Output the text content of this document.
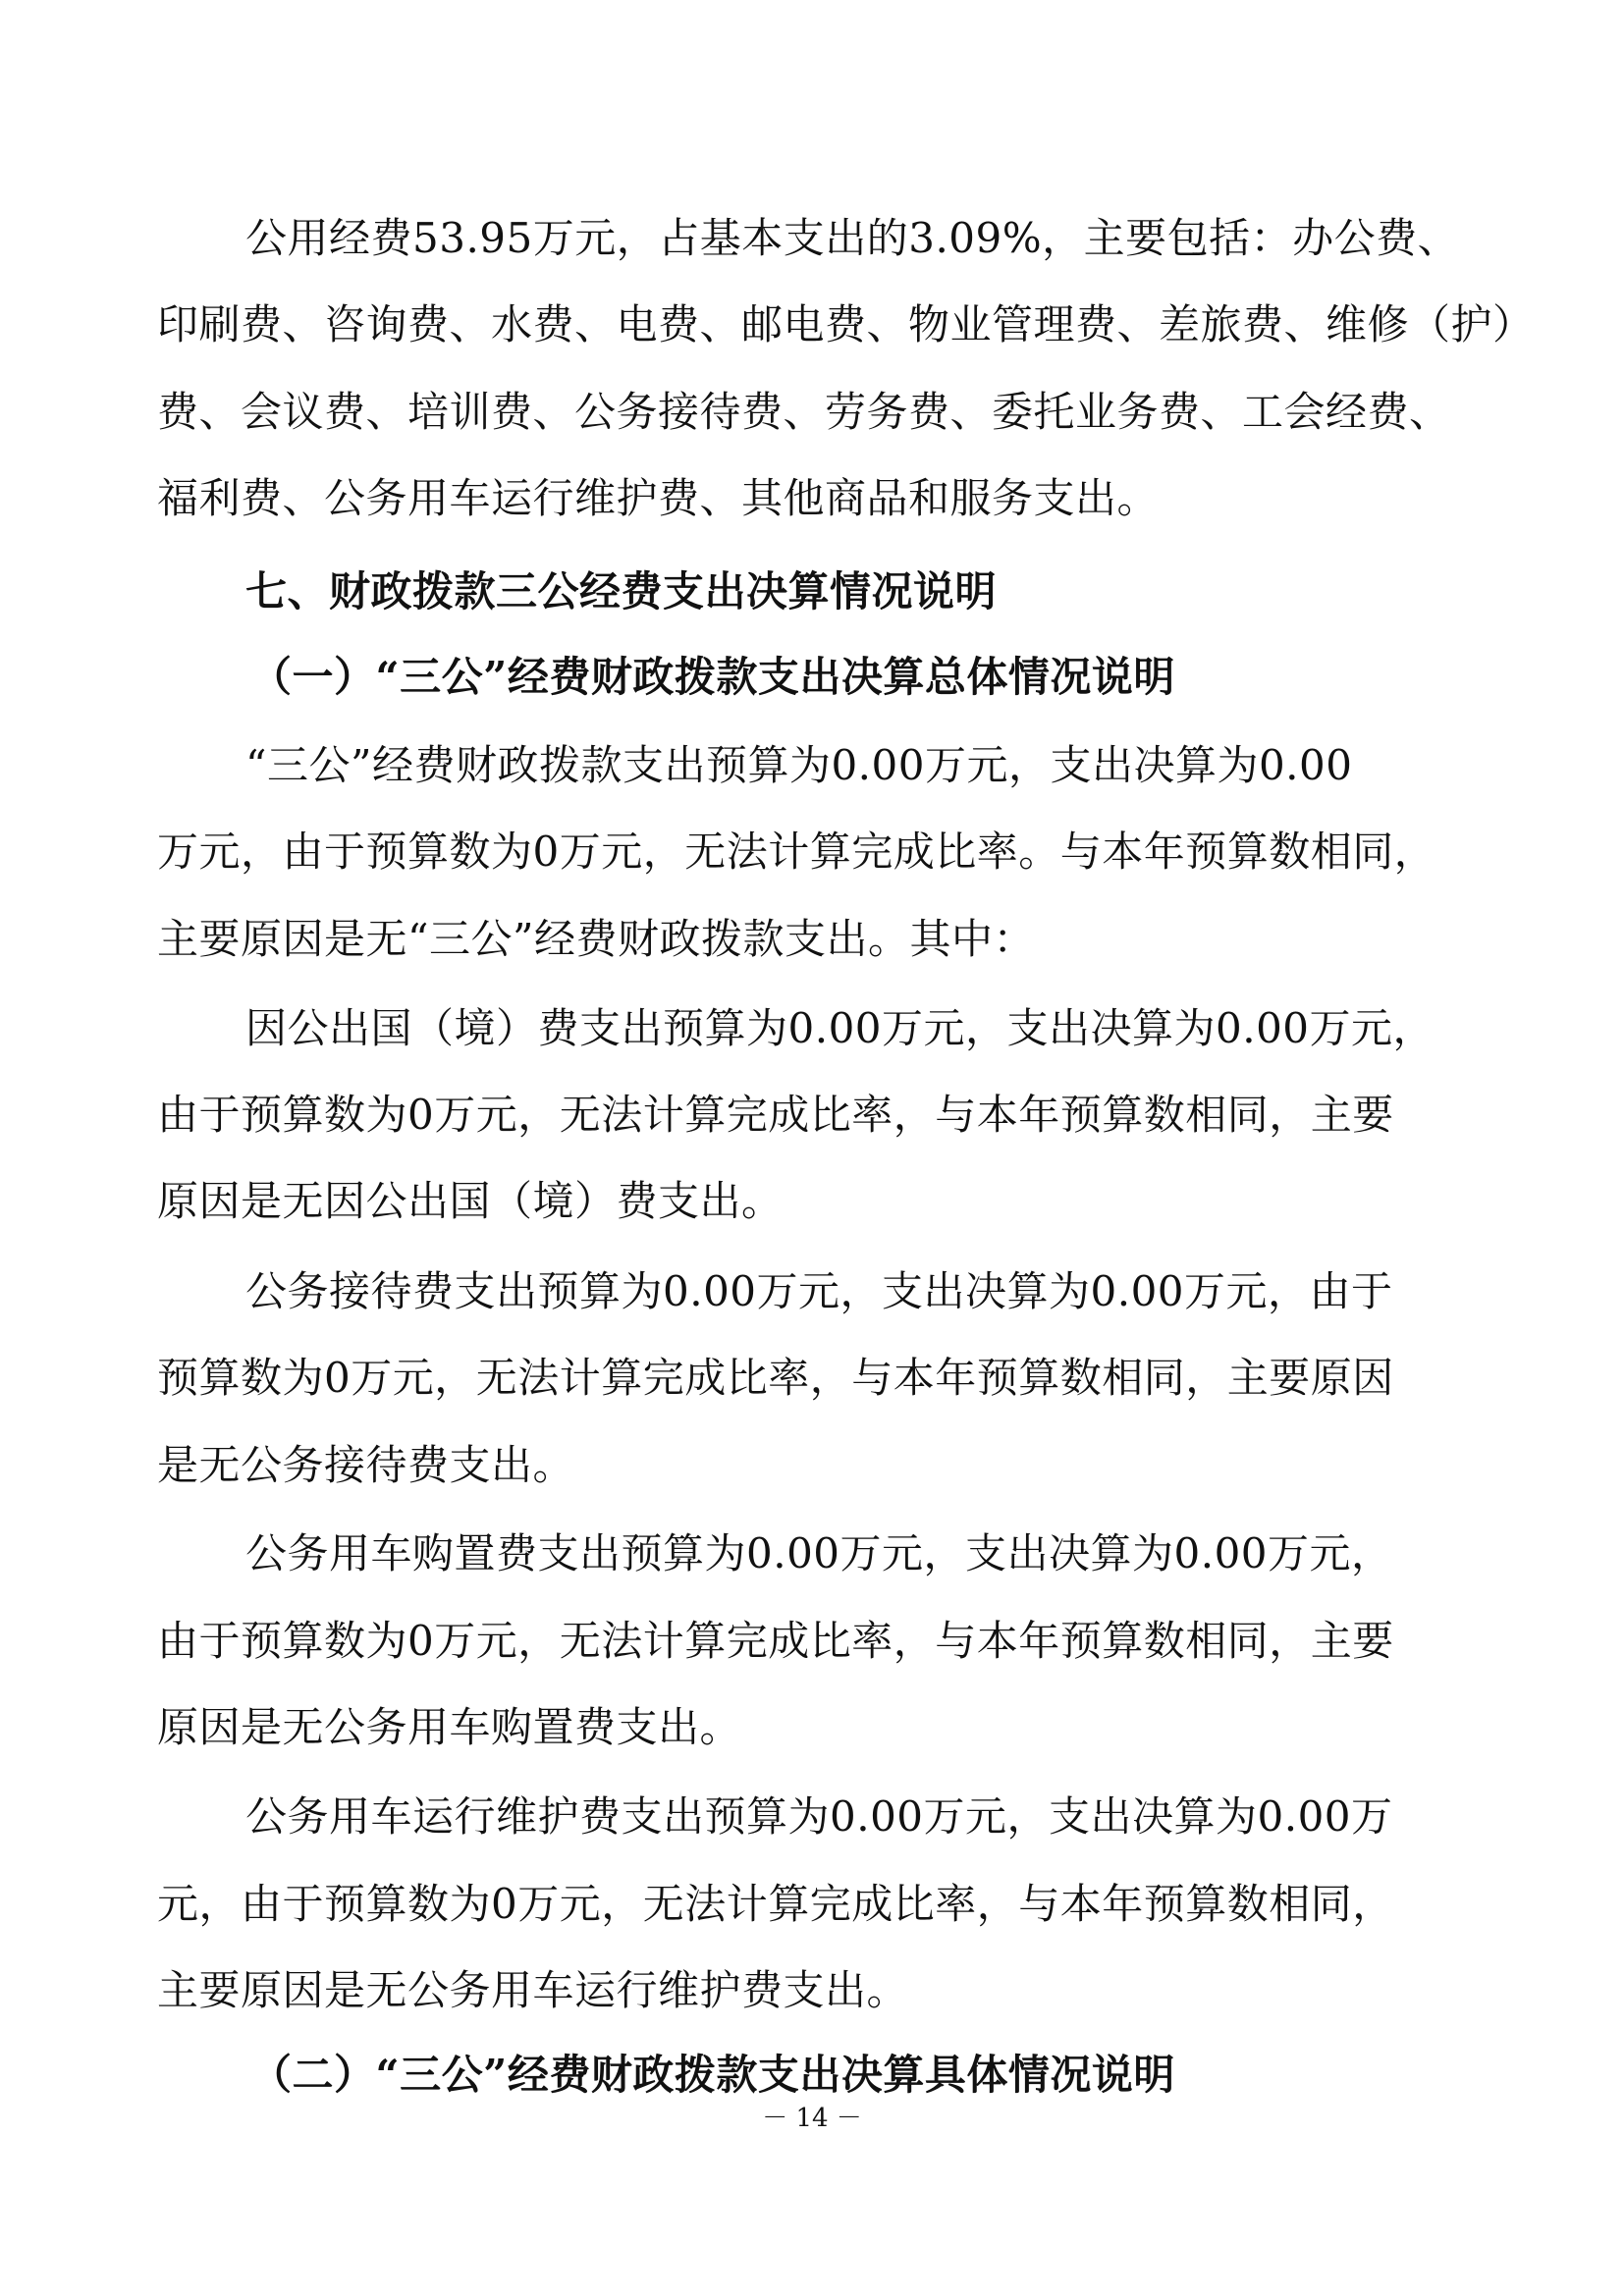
公用经费53.95万元，占基本支出的3.09%，主要包括：办公费、
印刷费、咨询费、水费、电费、邮电费、物业管理费、差旅费、维修（护）
费、会议费、培训费、公务接待费、劳务费、委托业务费、工会经费、
福利费、公务用车运行维护费、其他商品和服务支出。
七、财政拨款三公经费支出决算情况说明
（一）“三公”经费财政拨款支出决算总体情况说明
“三公”经费财政拨款支出预算为0.00万元，支出决算为0.00
万元，由于预算数为0万元，无法计算完成比率。与本年预算数相同，
主要原因是无“三公”经费财政拨款支出。其中：
因公出国（境）费支出预算为0.00万元，支出决算为0.00万元，
由于预算数为0万元，无法计算完成比率，与本年预算数相同，主要
原因是无因公出国（境）费支出。
公务接待费支出预算为0.00万元，支出决算为0.00万元，由于
预算数为0万元，无法计算完成比率，与本年预算数相同，主要原因
是无公务接待费支出。
公务用车购置费支出预算为0.00万元，支出决算为0.00万元，
由于预算数为0万元，无法计算完成比率，与本年预算数相同，主要
原因是无公务用车购置费支出。
公务用车运行维护费支出预算为0.00万元，支出决算为0.00万
元，由于预算数为0万元，无法计算完成比率，与本年预算数相同，
主要原因是无公务用车运行维护费支出。
（二）“三公”经费财政拨款支出决算具体情况说明
－ 14 －
